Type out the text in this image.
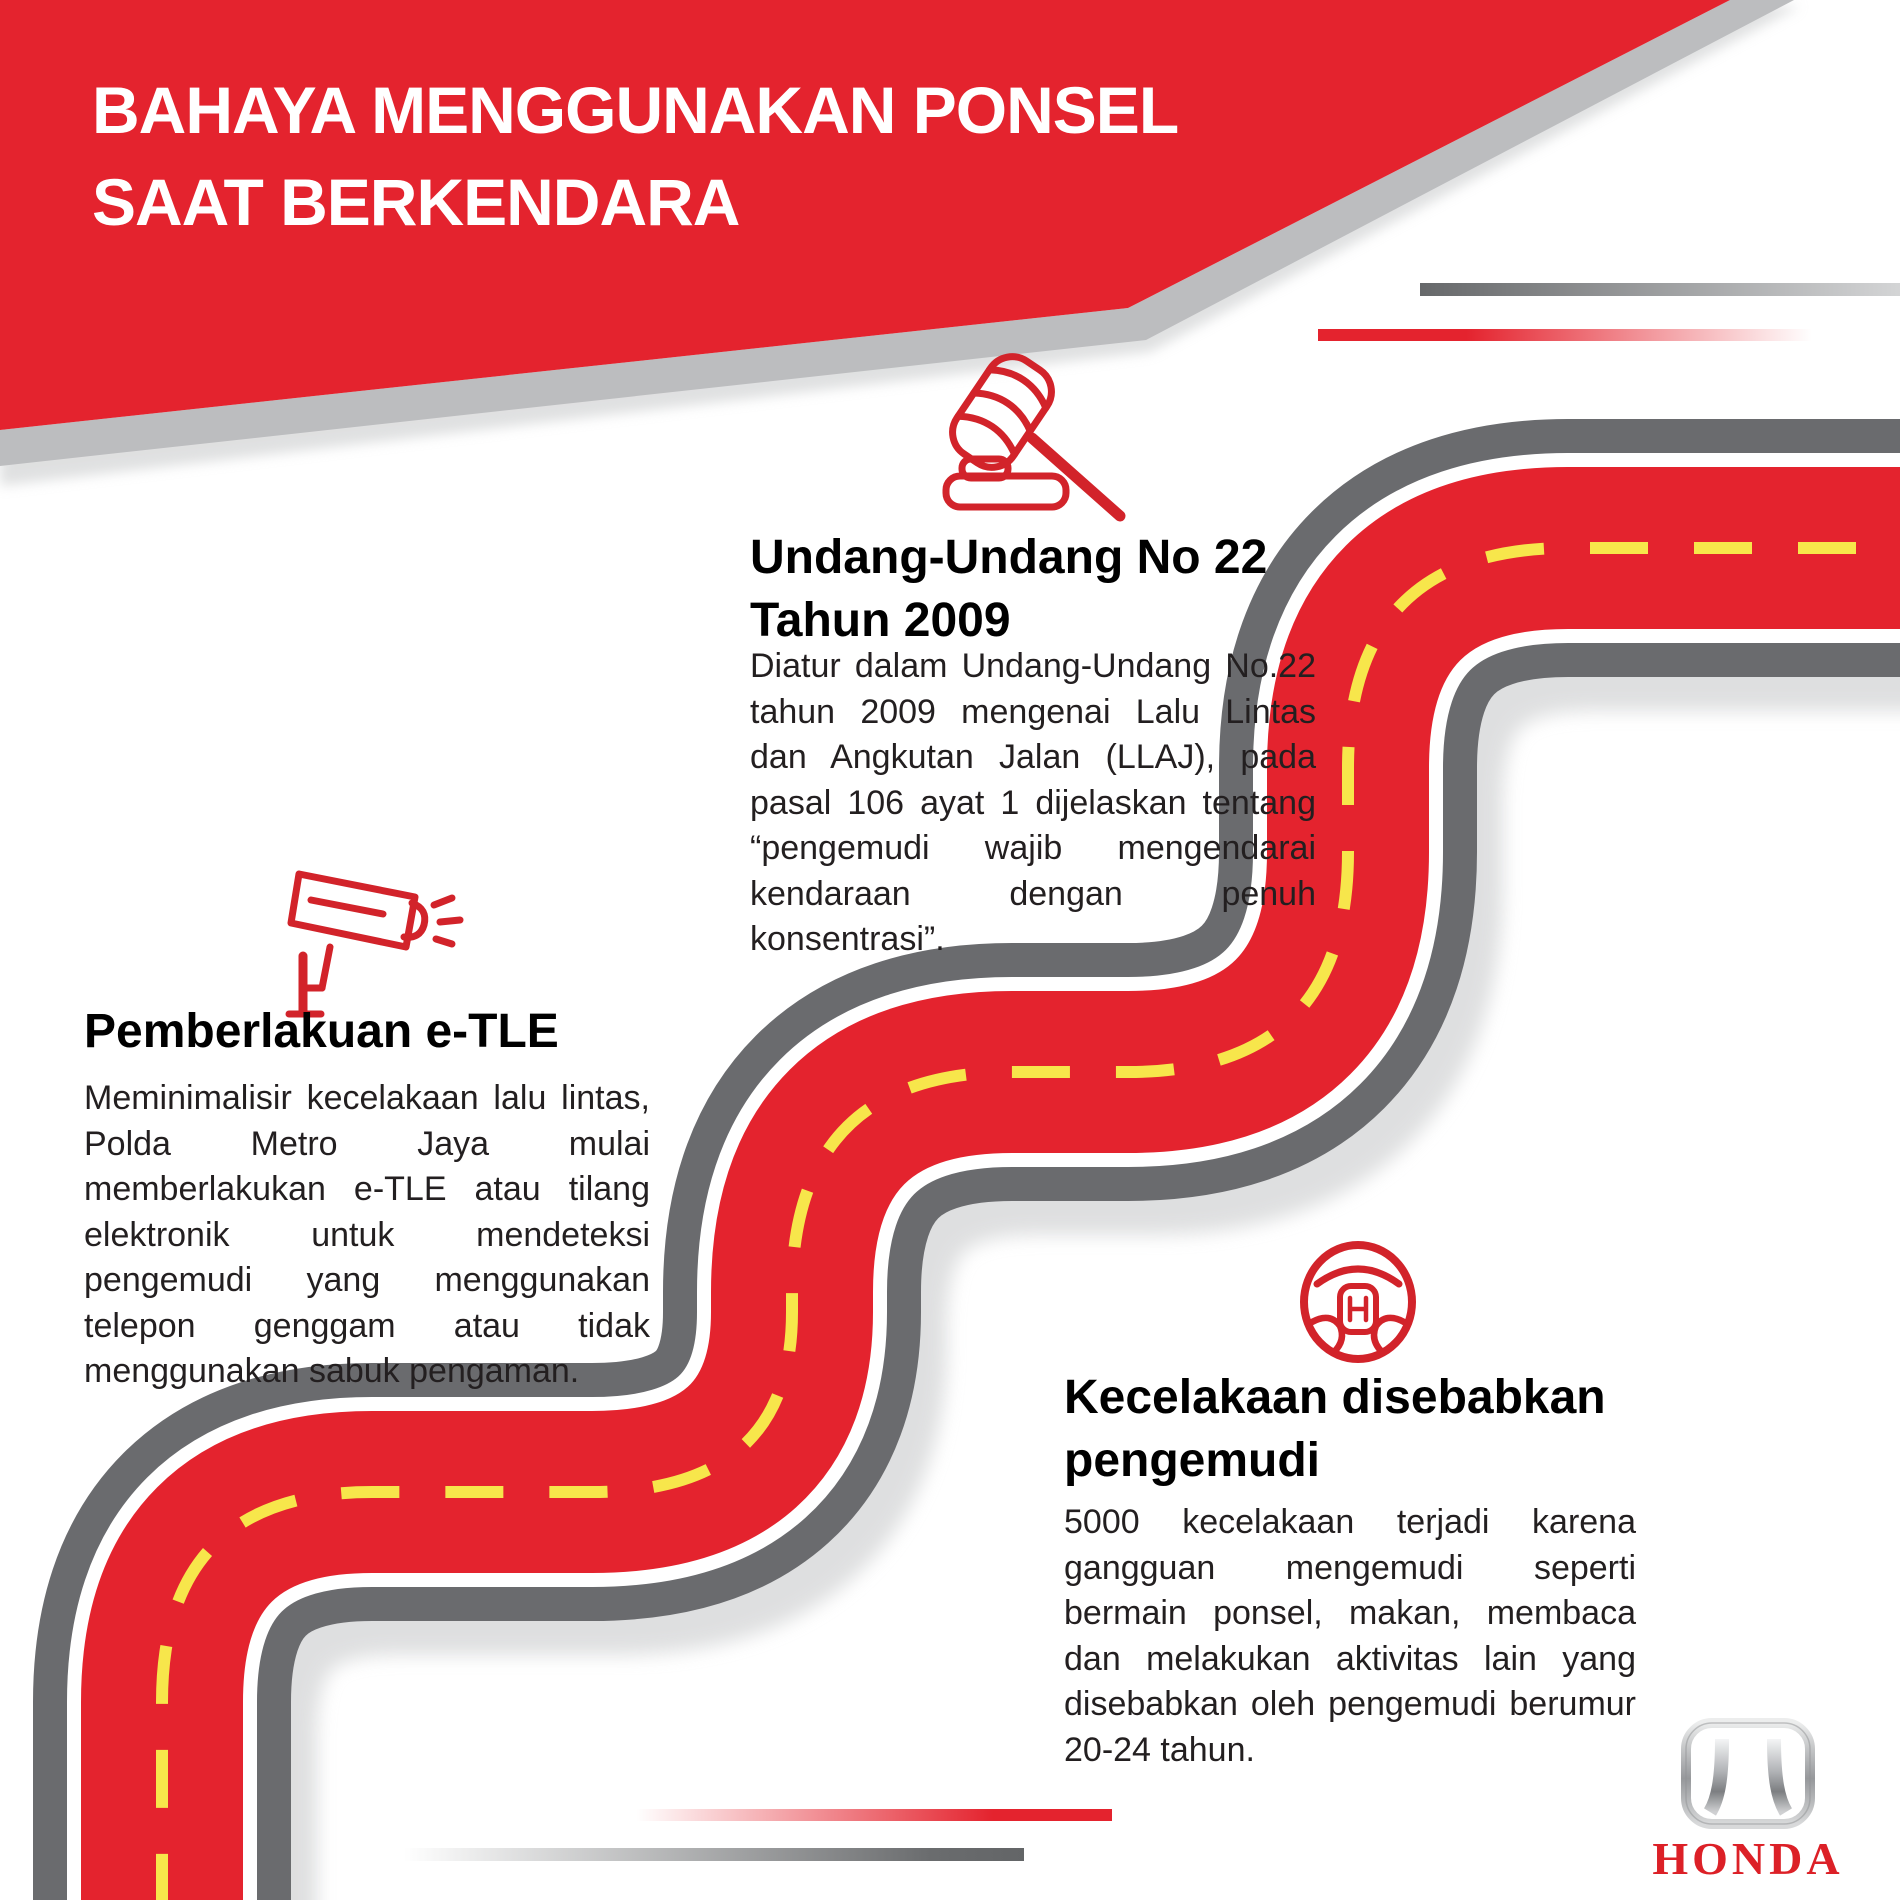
BAHAYA MENGGUNAKAN PONSEL
SAAT BERKENDARA
Undang-Undang No 22 Tahun 2009
Diatur dalam Undang-Undang No.22 tahun 2009 mengenai Lalu Lintas dan Angkutan Jalan (LLAJ), pada pasal 106 ayat 1 dijelaskan tentang “pengemudi wajib mengendarai kendaraan dengan penuh konsentrasi”.
Pemberlakuan e-TLE
Meminimalisir kecelakaan lalu lintas, Polda Metro Jaya mulai memberlakukan e-TLE atau tilang elektronik untuk mendeteksi pengemudi yang menggunakan telepon genggam atau tidak menggunakan sabuk pengaman.	Kecelakaan disebabkan pengemudi
5000 kecelakaan terjadi karena gangguan mengemudi seperti bermain ponsel, makan, membaca dan melakukan aktivitas lain yang disebabkan oleh pengemudi berumur 20-24 tahun.
HONDA
